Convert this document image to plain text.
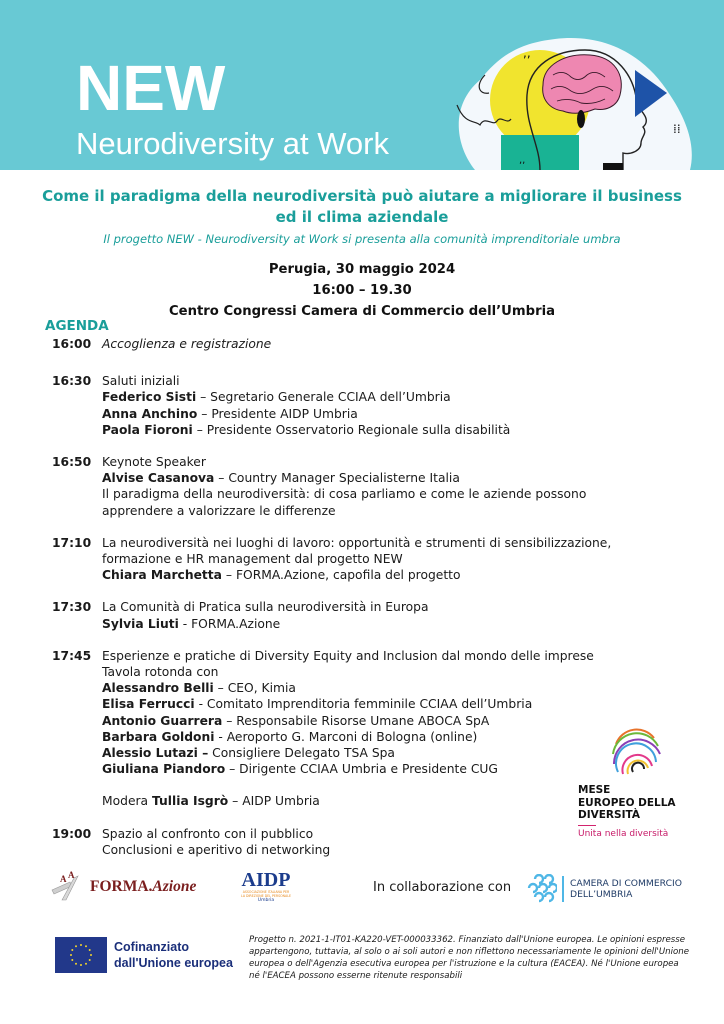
NEW
Neurodiversity at Work
,,
⁞⁞
,,
Come il paradigma della neurodiversità può aiutare a migliorare il business
ed il clima aziendale
Il progetto NEW - Neurodiversity at Work si presenta alla comunità imprenditoriale umbra
Perugia, 30 maggio 2024
16:00 – 19.30
Centro Congressi Camera di Commercio dell’Umbria
AGENDA
16:00 Accoglienza e registrazione
16:30 Saluti iniziali
Federico Sisti – Segretario Generale CCIAA dell’Umbria
Anna Anchino – Presidente AIDP Umbria
Paola Fioroni – Presidente Osservatorio Regionale sulla disabilità
16:50 Keynote Speaker
Alvise Casanova – Country Manager Specialisterne Italia
Il paradigma della neurodiversità: di cosa parliamo e come le aziende possono
apprendere a valorizzare le differenze
17:10 La neurodiversità nei luoghi di lavoro: opportunità e strumenti di sensibilizzazione,
formazione e HR management dal progetto NEW
Chiara Marchetta – FORMA.Azione, capofila del progetto
17:30 La Comunità di Pratica sulla neurodiversità in Europa
Sylvia Liuti - FORMA.Azione
17:45 Esperienze e pratiche di Diversity Equity and Inclusion dal mondo delle imprese
Tavola rotonda con
Alessandro Belli – CEO, Kimia
Elisa Ferrucci - Comitato Imprenditoria femminile CCIAA dell’Umbria
Antonio Guarrera – Responsabile Risorse Umane ABOCA SpA
Barbara Goldoni - Aeroporto G. Marconi di Bologna (online)
Alessio Lutazi – Consigliere Delegato TSA Spa
Giuliana Piandoro – Dirigente CCIAA Umbria e Presidente CUG
Modera Tullia Isgrò – AIDP Umbria
19:00 Spazio al confronto con il pubblico
Conclusioni e aperitivo di networking
MESE
EUROPEO DELLA
DIVERSITÀ
Unita nella diversità
A A
FORMA.Azione AIDP
ASSOCIAZIONE ITALIANA PER
LA DIREZIONE DEL PERSONALE
Umbria
In collaborazione con	CAMERA DI COMMERCIO
DELL’UMBRIA
Cofinanziato
dall'Unione europea
Progetto n. 2021-1-IT01-KA220-VET-000033362. Finanziato dall'Unione europea. Le opinioni espresse appartengono, tuttavia, al solo o ai soli autori e non riflettono necessariamente le opinioni dell'Unione europea o dell'Agenzia esecutiva europea per l'istruzione e la cultura (EACEA). Né l'Unione europea né l'EACEA possono esserne ritenute responsabili
